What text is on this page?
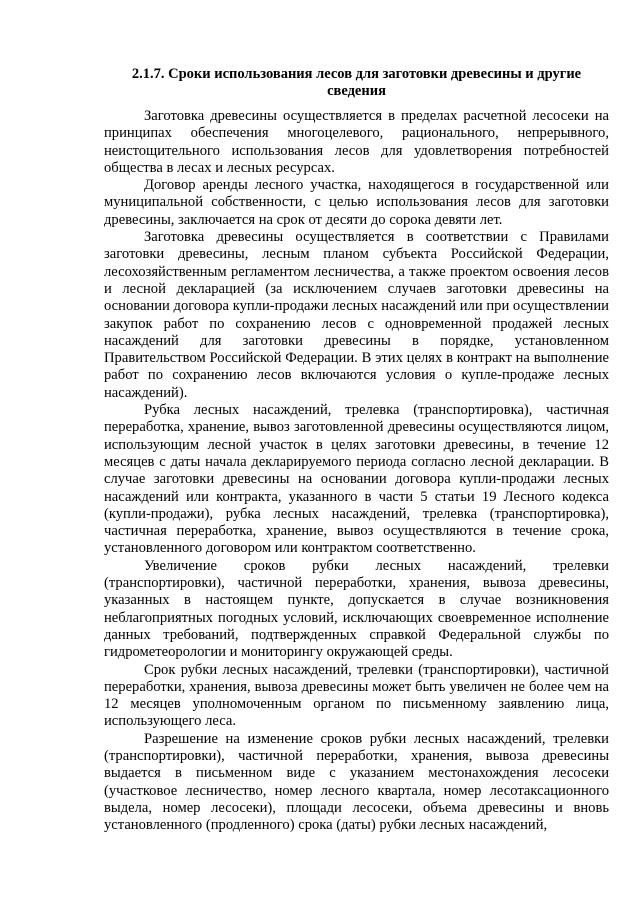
2.1.7. Сроки использования лесов для заготовки древесины и другие сведения

Заготовка древесины осуществляется в пределах расчетной лесосеки на принципах обеспечения многоцелевого, рационального, непрерывного, неистощительного использования лесов для удовлетворения потребностей общества в лесах и лесных ресурсах.

Договор аренды лесного участка, находящегося в государственной или муниципальной собственности, с целью использования лесов для заготовки древесины, заключается на срок от десяти до сорока девяти лет.

Заготовка древесины осуществляется в соответствии с Правилами заготовки древесины, лесным планом субъекта Российской Федерации, лесохозяйственным регламентом лесничества, а также проектом освоения лесов и лесной декларацией (за исключением случаев заготовки древесины на основании договора купли-продажи лесных насаждений или при осуществлении закупок работ по сохранению лесов с одновременной продажей лесных насаждений для заготовки древесины в порядке, установленном Правительством Российской Федерации. В этих целях в контракт на выполнение работ по сохранению лесов включаются условия о купле-продаже лесных насаждений).

Рубка лесных насаждений, трелевка (транспортировка), частичная переработка, хранение, вывоз заготовленной древесины осуществляются лицом, использующим лесной участок в целях заготовки древесины, в течение 12 месяцев с даты начала декларируемого периода согласно лесной декларации. В случае заготовки древесины на основании договора купли-продажи лесных насаждений или контракта, указанного в части 5 статьи 19 Лесного кодекса (купли-продажи), рубка лесных насаждений, трелевка (транспортировка), частичная переработка, хранение, вывоз осуществляются в течение срока, установленного договором или контрактом соответственно.

Увеличение сроков рубки лесных насаждений, трелевки (транспортировки), частичной переработки, хранения, вывоза древесины, указанных в настоящем пункте, допускается в случае возникновения неблагоприятных погодных условий, исключающих своевременное исполнение данных требований, подтвержденных справкой Федеральной службы по гидрометеорологии и мониторингу окружающей среды.

Срок рубки лесных насаждений, трелевки (транспортировки), частичной переработки, хранения, вывоза древесины может быть увеличен не более чем на 12 месяцев уполномоченным органом по письменному заявлению лица, использующего леса.

Разрешение на изменение сроков рубки лесных насаждений, трелевки (транспортировки), частичной переработки, хранения, вывоза древесины выдается в письменном виде с указанием местонахождения лесосеки (участковое лесничество, номер лесного квартала, номер лесотаксационного выдела, номер лесосеки), площади лесосеки, объема древесины и вновь установленного (продленного) срока (даты) рубки лесных насаждений,
